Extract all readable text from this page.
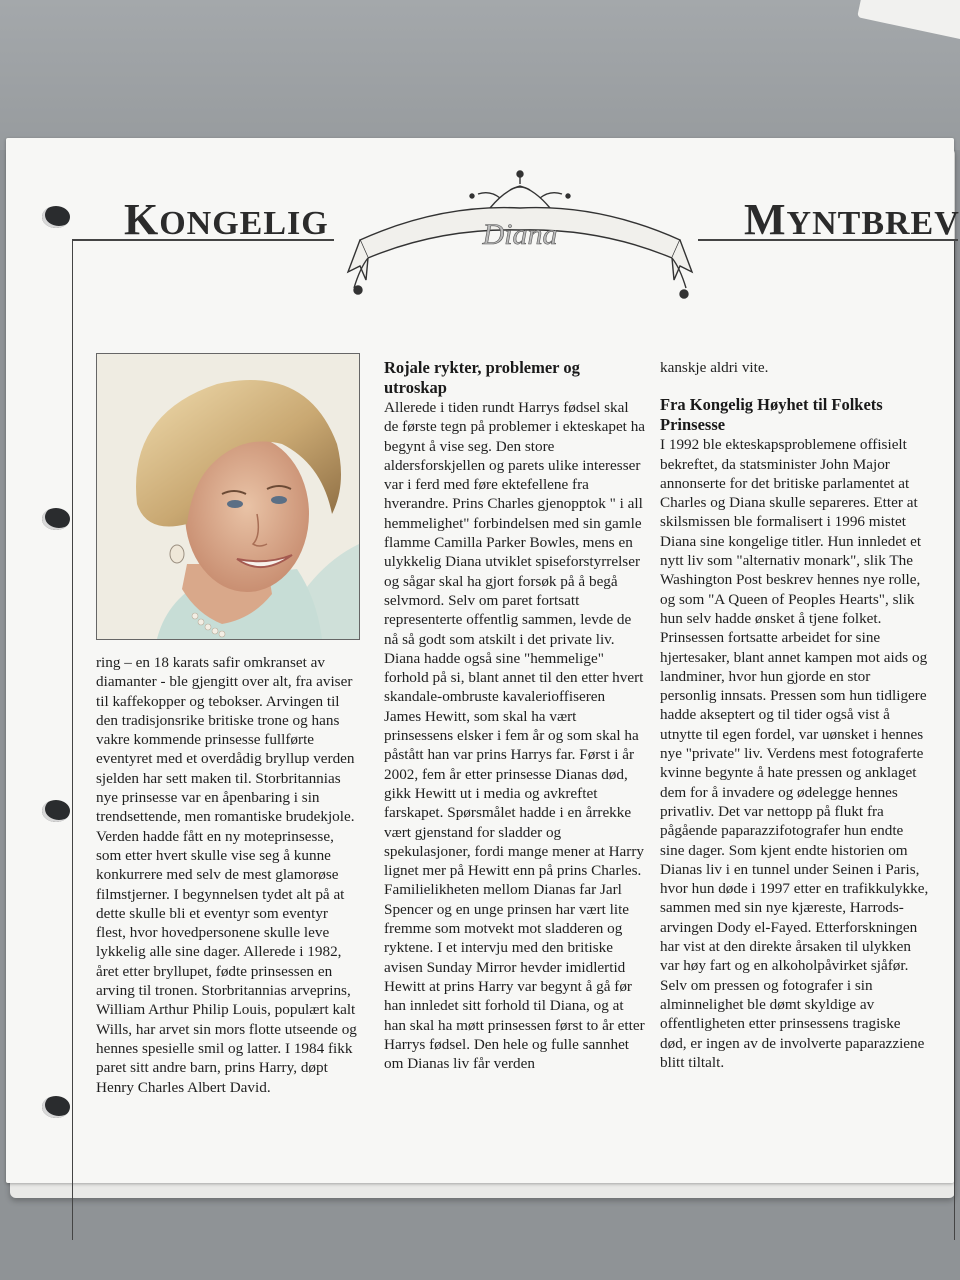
KONGELIG	MYNTBREV
Diana

ring – en 18 karats safir omkranset av diamanter - ble gjengitt over alt, fra aviser til kaffekopper og tebokser. Arvingen til den tradisjonsrike britiske trone og hans vakre kommende prinsesse fullførte eventyret med et overdådig bryllup verden sjelden har sett maken til. Storbritannias nye prinsesse var en åpenbaring i sin trendsettende, men romantiske brudekjole. Verden hadde fått en ny moteprinsesse, som etter hvert skulle vise seg å kunne konkurrere med selv de mest glamorøse filmstjerner. I begynnelsen tydet alt på at dette skulle bli et eventyr som eventyr flest, hvor hovedpersonene skulle leve lykkelig alle sine dager. Allerede i 1982, året etter bryllupet, fødte prinsessen en arving til tronen. Storbritannias arveprins, William Arthur Philip Louis, populært kalt Wills, har arvet sin mors flotte utseende og hennes spesielle smil og latter. I 1984 fikk paret sitt andre barn, prins Harry, døpt Henry Charles Albert David.

Rojale rykter, problemer og utroskap

Allerede i tiden rundt Harrys fødsel skal de første tegn på problemer i ekteskapet ha begynt å vise seg. Den store aldersforskjellen og parets ulike interesser var i ferd med føre ektefellene fra hverandre. Prins Charles gjenopptok " i all hemmelighet" forbindelsen med sin gamle flamme Camilla Parker Bowles, mens en ulykkelig Diana utviklet spiseforstyrrelser og sågar skal ha gjort forsøk på å begå selvmord. Selv om paret fortsatt representerte offentlig sammen, levde de nå så godt som atskilt i det private liv. Diana hadde også sine "hemmelige" forhold på si, blant annet til den etter hvert skandale-ombruste kavalerioffiseren James Hewitt, som skal ha vært prinsessens elsker i fem år og som skal ha påstått han var prins Harrys far. Først i år 2002, fem år etter prinsesse Dianas død, gikk Hewitt ut i media og avkreftet farskapet. Spørsmålet hadde i en årrekke vært gjenstand for sladder og spekulasjoner, fordi mange mener at Harry lignet mer på Hewitt enn på prins Charles. Familielikheten mellom Dianas far Jarl Spencer og en unge prinsen har vært lite fremme som motvekt mot sladderen og ryktene. I et intervju med den britiske avisen Sunday Mirror hevder imidlertid Hewitt at prins Harry var begynt å gå før han innledet sitt forhold til Diana, og at han skal ha møtt prinsessen først to år etter Harrys fødsel. Den hele og fulle sannhet om Dianas liv får verden

kanskje aldri vite.

Fra Kongelig Høyhet til Folkets Prinsesse

I 1992 ble ekteskapsproblemene offisielt bekreftet, da statsminister John Major annonserte for det britiske parlamentet at Charles og Diana skulle separeres. Etter at skilsmissen ble formalisert i 1996 mistet Diana sine kongelige titler. Hun innledet et nytt liv som "alternativ monark", slik The Washington Post beskrev hennes nye rolle, og som "A Queen of Peoples Hearts", slik hun selv hadde ønsket å tjene folket. Prinsessen fortsatte arbeidet for sine hjertesaker, blant annet kampen mot aids og landminer, hvor hun gjorde en stor personlig innsats. Pressen som hun tidligere hadde akseptert og til tider også vist å utnytte til egen fordel, var uønsket i hennes nye "private" liv. Verdens mest fotograferte kvinne begynte å hate pressen og anklaget dem for å invadere og ødelegge hennes privatliv. Det var nettopp på flukt fra pågående paparazzifotografer hun endte sine dager. Som kjent endte historien om Dianas liv i en tunnel under Seinen i Paris, hvor hun døde i 1997 etter en trafikkulykke, sammen med sin nye kjæreste, Harrods-arvingen Dody el-Fayed. Etterforskningen har vist at den direkte årsaken til ulykken var høy fart og en alkoholpåvirket sjåfør. Selv om pressen og fotografer i sin alminnelighet ble dømt skyldige av offentligheten etter prinsessens tragiske død, er ingen av de involverte paparazziene blitt tiltalt.
